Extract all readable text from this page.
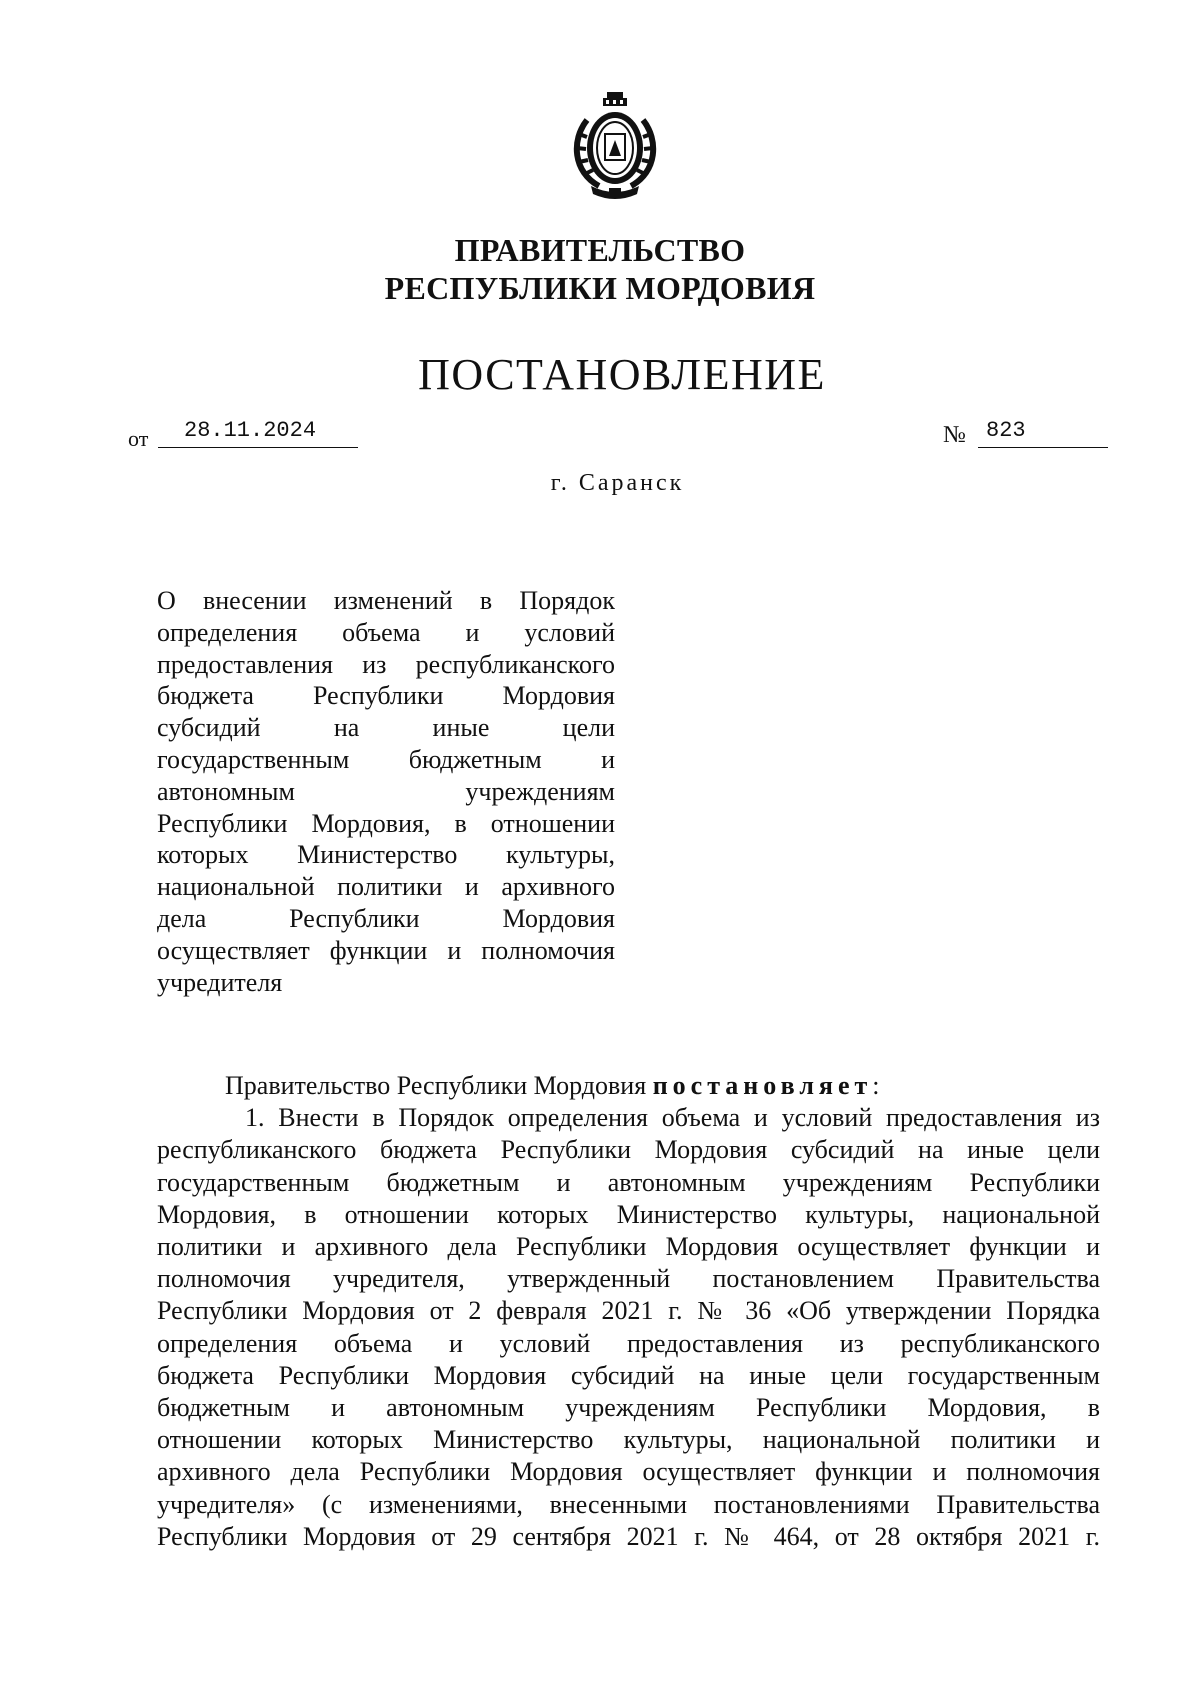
ПРАВИТЕЛЬСТВО
РЕСПУБЛИКИ МОРДОВИЯ
ПОСТАНОВЛЕНИЕ
от	28.11.2024	№ 823
г. Саранск
О внесении изменений в Порядок
определения объема и условий
предоставления из республиканского
бюджета Республики Мордовия
субсидий на иные цели
государственным бюджетным и
автономным учреждениям
Республики Мордовия, в отношении
которых Министерство культуры,
национальной политики и архивного
дела Республики Мордовия
осуществляет функции и полномочия
учредителя
Правительство Республики Мордовия постановляет:
1. Внести в Порядок определения объема и условий предоставления из
республиканского бюджета Республики Мордовия субсидий на иные цели
государственным бюджетным и автономным учреждениям Республики
Мордовия, в отношении которых Министерство культуры, национальной
политики и архивного дела Республики Мордовия осуществляет функции и
полномочия учредителя, утвержденный постановлением Правительства
Республики Мордовия от 2 февраля 2021 г. № 36 «Об утверждении Порядка
определения объема и условий предоставления из республиканского
бюджета Республики Мордовия субсидий на иные цели государственным
бюджетным и автономным учреждениям Республики Мордовия, в
отношении которых Министерство культуры, национальной политики и
архивного дела Республики Мордовия осуществляет функции и полномочия
учредителя» (с изменениями, внесенными постановлениями Правительства
Республики Мордовия от 29 сентября 2021 г. № 464, от 28 октября 2021 г.
